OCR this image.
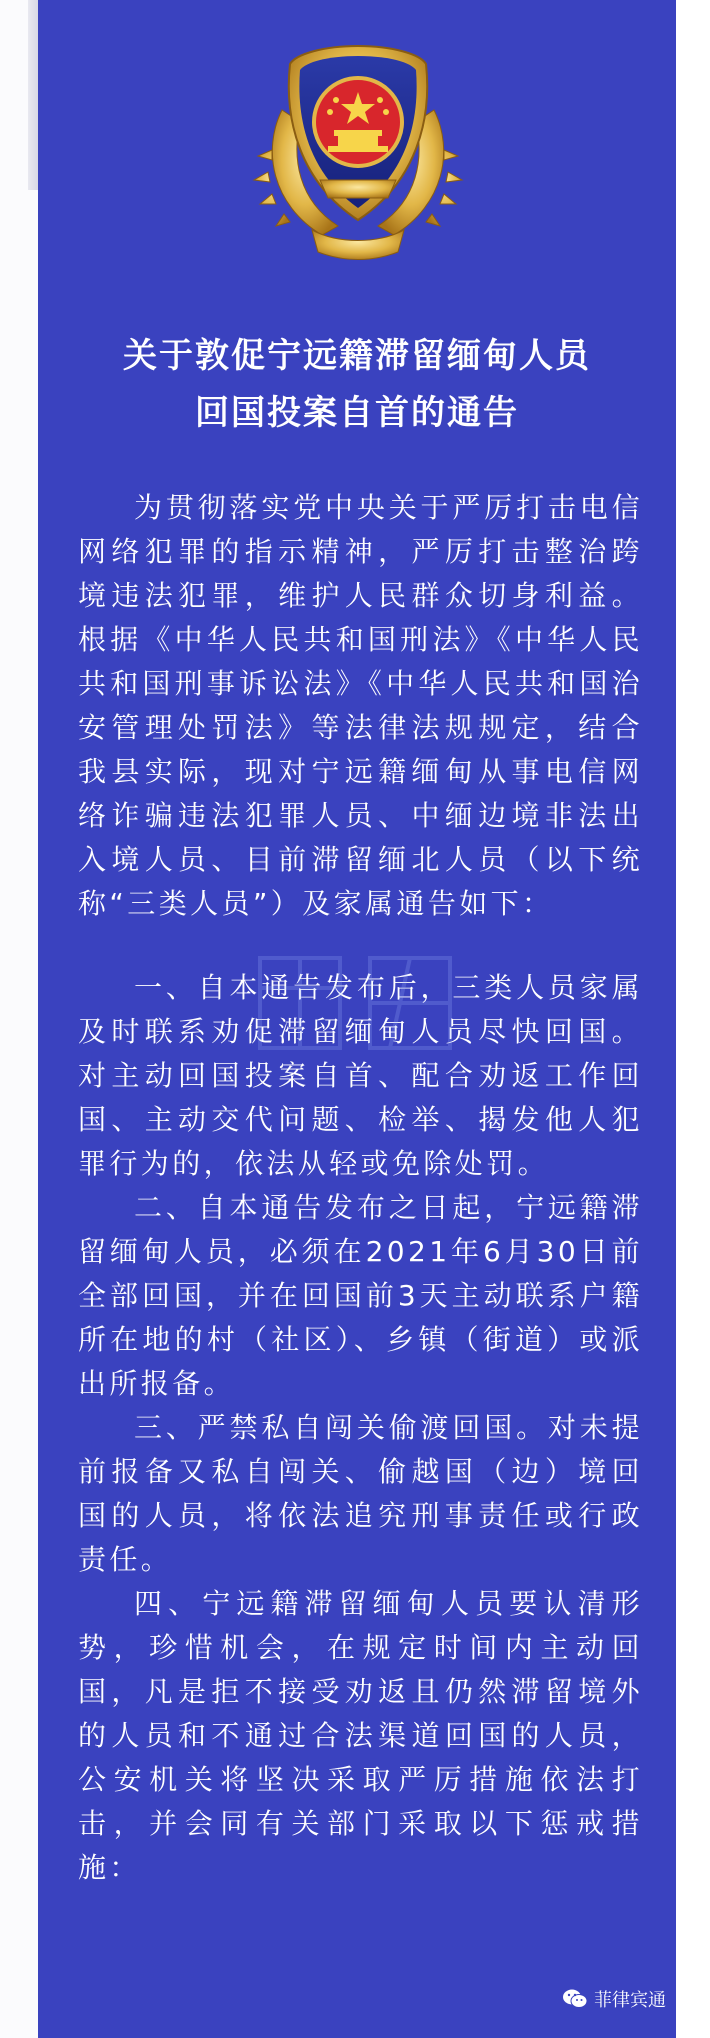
关于敦促宁远籍滞留缅甸人员
回国投案自首的通告

为贯彻落实党中央关于严厉打击电信网络犯罪的指示精神，严厉打击整治跨境违法犯罪，维护人民群众切身利益。根据《中华人民共和国刑法》《中华人民共和国刑事诉讼法》《中华人民共和国治安管理处罚法》等法律法规规定，结合我县实际，现对宁远籍缅甸从事电信网络诈骗违法犯罪人员、中缅边境非法出入境人员、目前滞留缅北人员（以下统称“三类人员”）及家属通告如下：

一、自本通告发布后，三类人员家属及时联系劝促滞留缅甸人员尽快回国。对主动回国投案自首、配合劝返工作回国、主动交代问题、检举、揭发他人犯罪行为的，依法从轻或免除处罚。

二、自本通告发布之日起，宁远籍滞留缅甸人员，必须在2021年6月30日前全部回国，并在回国前3天主动联系户籍所在地的村（社区）、乡镇（街道）或派出所报备。

三、严禁私自闯关偷渡回国。对未提前报备又私自闯关、偷越国（边）境回国的人员，将依法追究刑事责任或行政责任。

四、宁远籍滞留缅甸人员要认清形势，珍惜机会，在规定时间内主动回国，凡是拒不接受劝返且仍然滞留境外的人员和不通过合法渠道回国的人员，公安机关将坚决采取严厉措施依法打击，并会同有关部门采取以下惩戒措施：

菲律宾通
